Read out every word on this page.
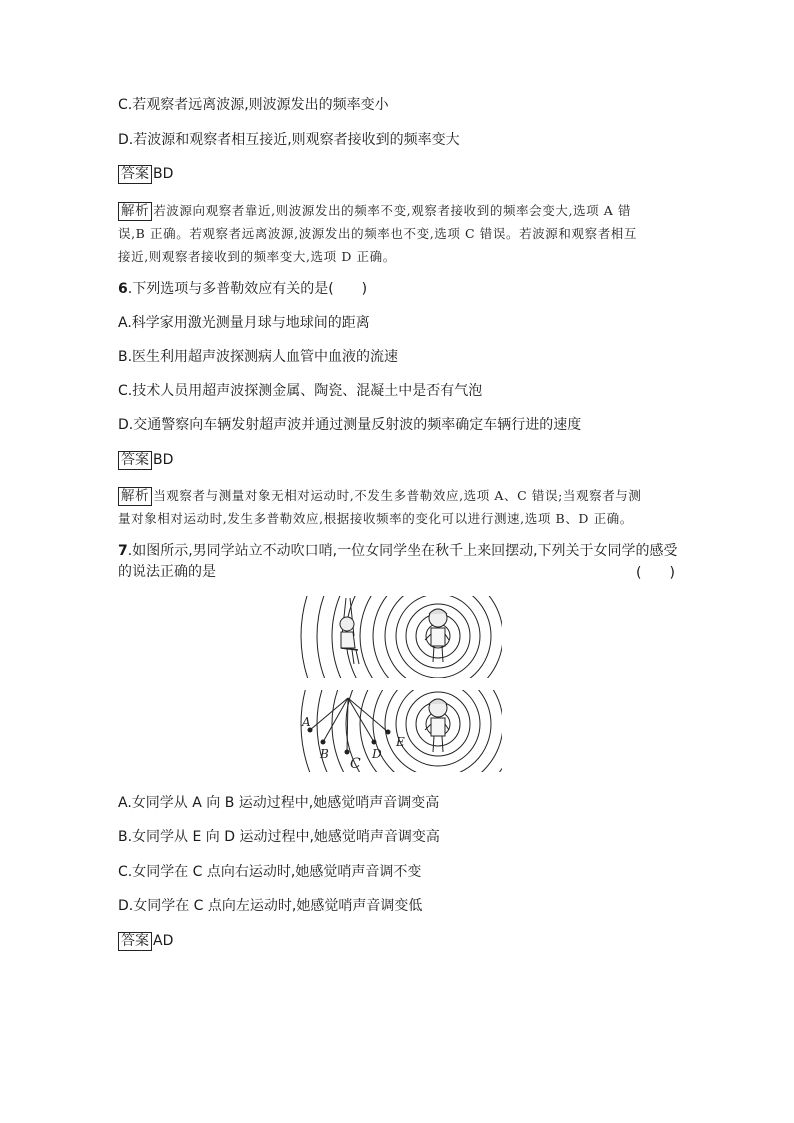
C.若观察者远离波源,则波源发出的频率变小
D.若波源和观察者相互接近,则观察者接收到的频率变大
答案 BD
解析 若波源向观察者靠近,则波源发出的频率不变,观察者接收到的频率会变大,选项 A 错
误,B 正确。若观察者远离波源,波源发出的频率也不变,选项 C 错误。若波源和观察者相互
接近,则观察者接收到的频率变大,选项 D 正确。
6.下列选项与多普勒效应有关的是(　　)
A.科学家用激光测量月球与地球间的距离
B.医生利用超声波探测病人血管中血液的流速
C.技术人员用超声波探测金属、陶瓷、混凝土中是否有气泡
D.交通警察向车辆发射超声波并通过测量反射波的频率确定车辆行进的速度
答案 BD
解析 当观察者与测量对象无相对运动时,不发生多普勒效应,选项 A、C 错误;当观察者与测
量对象相对运动时,发生多普勒效应,根据接收频率的变化可以进行测速,选项 B、D 正确。
7.如图所示,男同学站立不动吹口哨,一位女同学坐在秋千上来回摆动,下列关于女同学的感受
的说法正确的是	(　　)
A
B
C
D
E
A.女同学从 A 向 B 运动过程中,她感觉哨声音调变高
B.女同学从 E 向 D 运动过程中,她感觉哨声音调变高
C.女同学在 C 点向右运动时,她感觉哨声音调不变
D.女同学在 C 点向左运动时,她感觉哨声音调变低
答案 AD
